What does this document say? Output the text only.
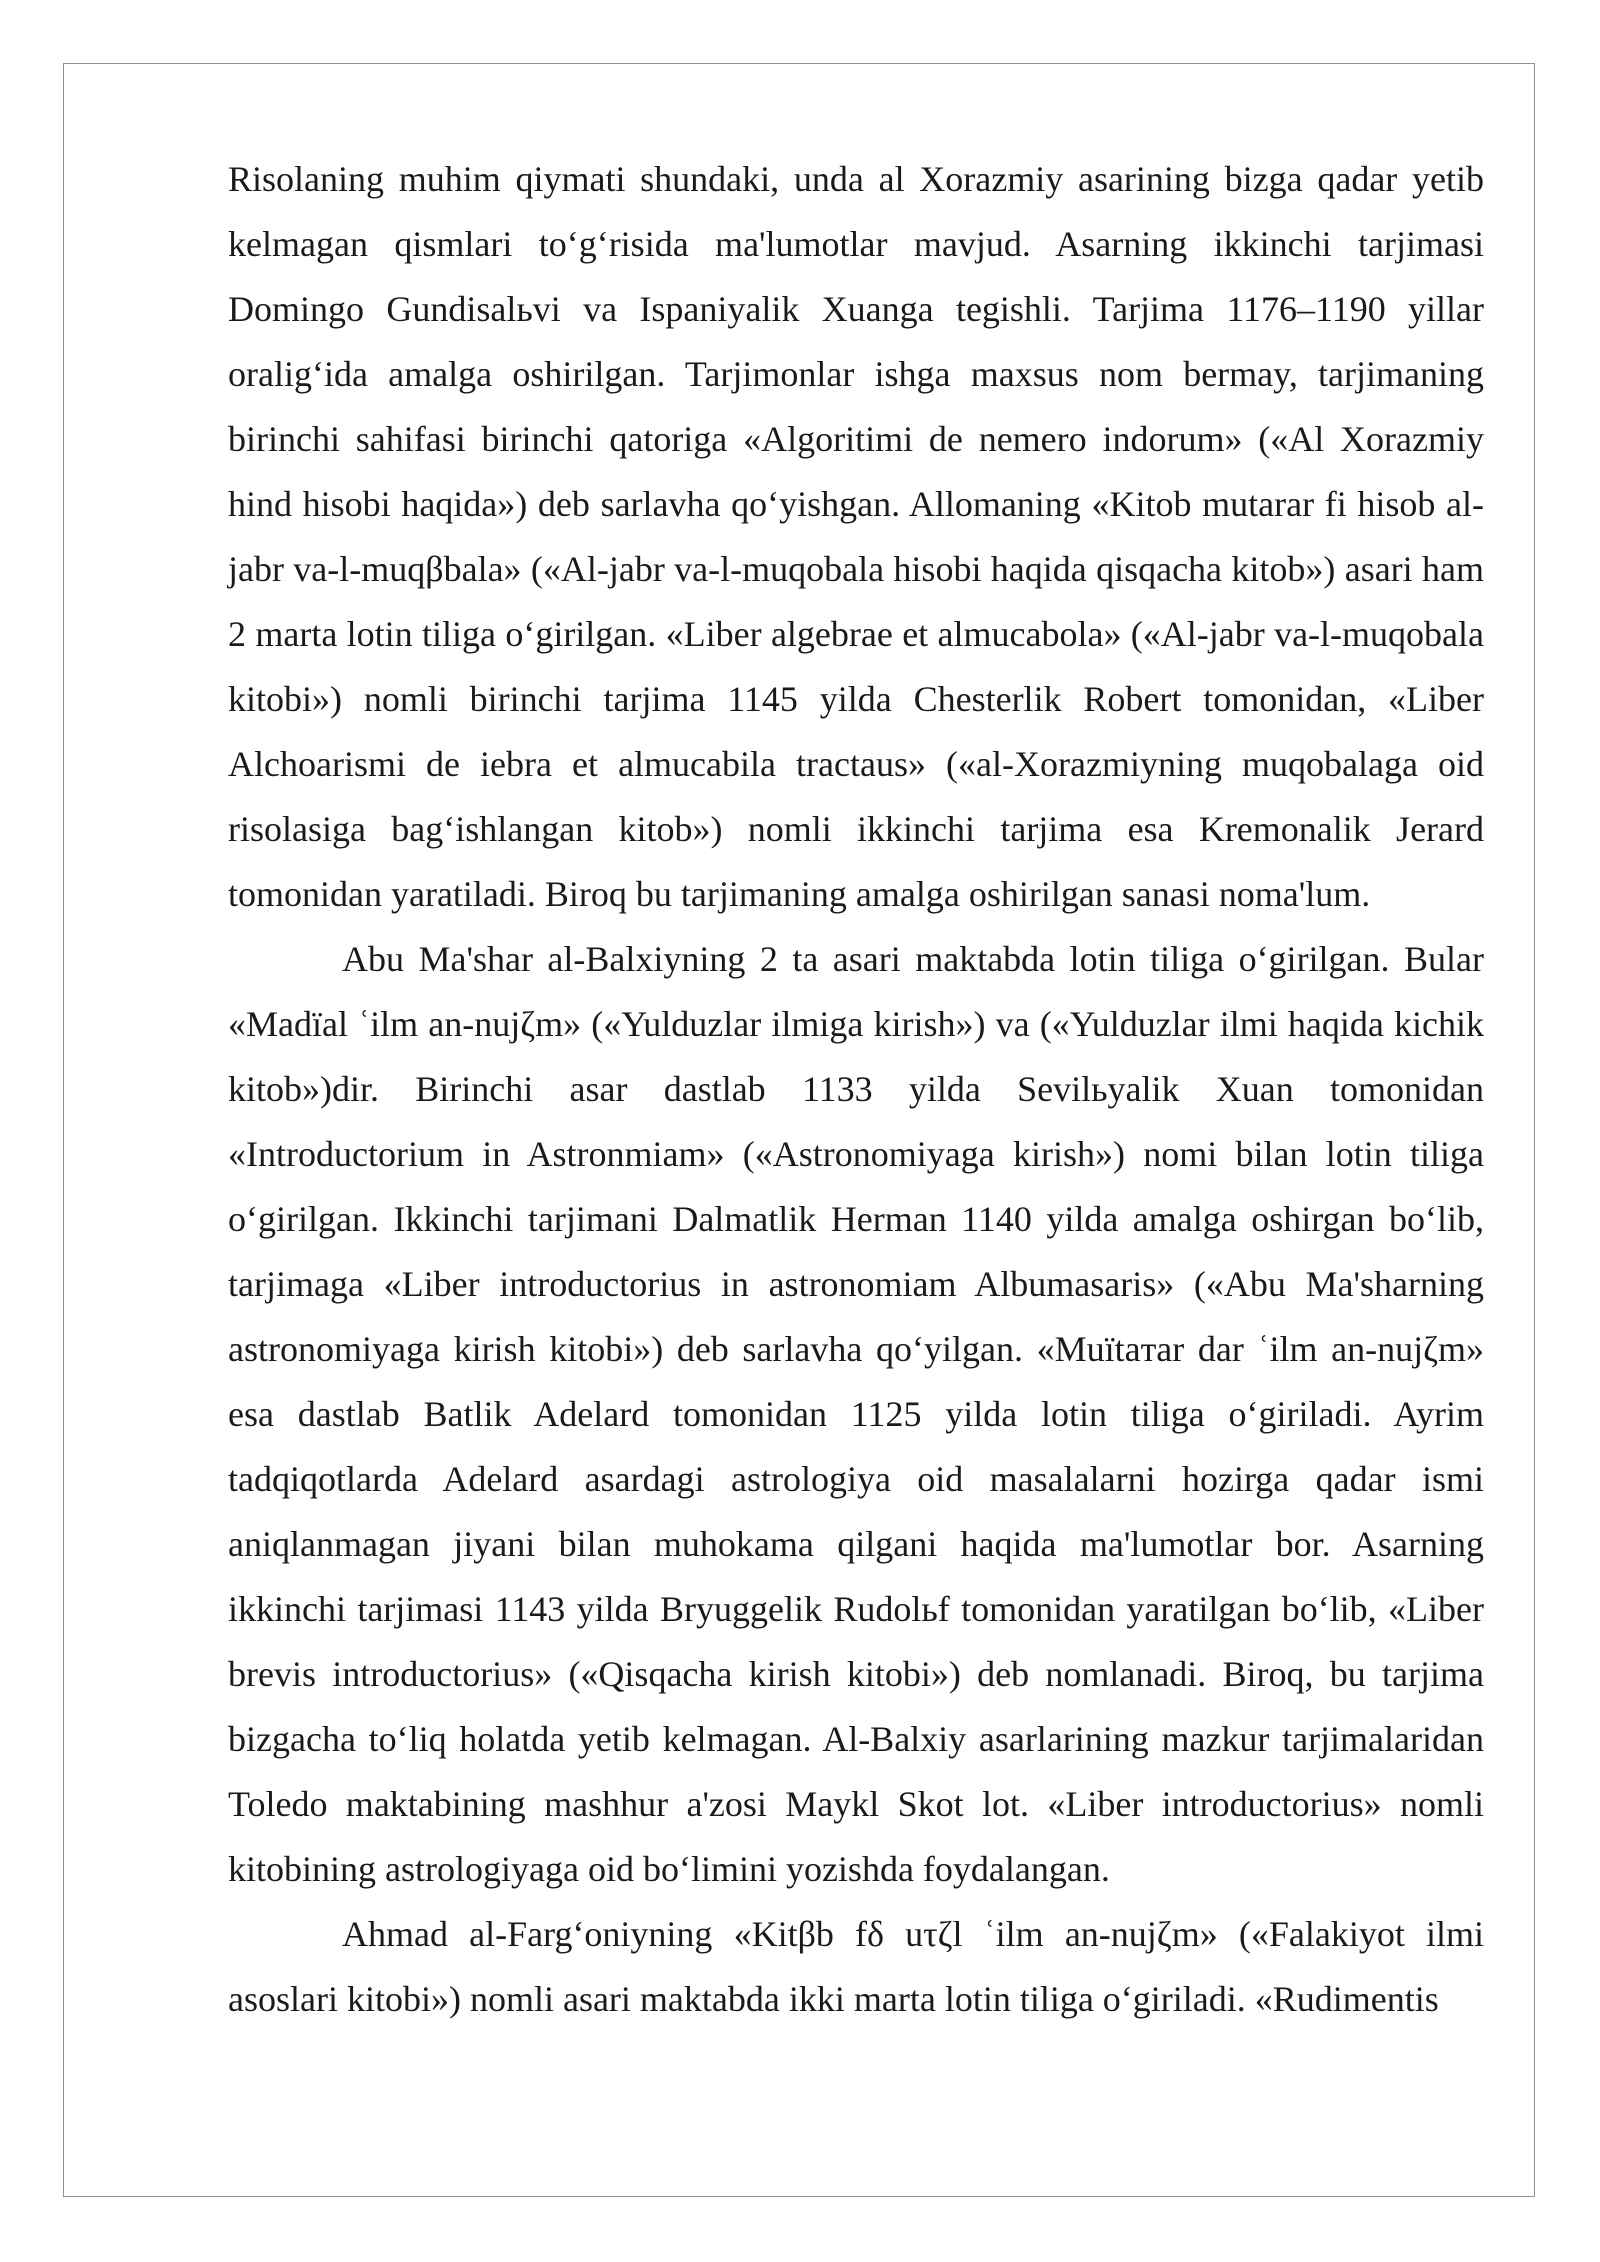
Risolaning muhim qiymati shundaki, unda al Xorazmiy asarining bizga qadar yetib kelmagan qismlari to‘g‘risida ma'lumotlar mavjud. Asarning ikkinchi tarjimasi Domingo Gundisalьvi va Ispaniyalik Xuanga tegishli. Tarjima 1176–1190 yillar oralig‘ida amalga oshirilgan. Tarjimonlar ishga maxsus nom bermay, tarjimaning birinchi sahifasi birinchi qatoriga «Algoritimi de nemero indorum» («Al Xorazmiy hind hisobi haqida») deb sarlavha qo‘yishgan. Allomaning «Kitob mutarar fi hisob al-jabr va-l-muqβbala» («Al-jabr va-l-muqobala hisobi haqida qisqacha kitob») asari ham 2 marta lotin tiliga o‘girilgan. «Liber algebrae et almucabola» («Al-jabr va-l-muqobala kitobi») nomli birinchi tarjima 1145 yilda Chesterlik Robert tomonidan, «Liber Alchoarismi de iebra et almucabila tractaus» («al-Xorazmiyning muqobalaga oid risolasiga bag‘ishlangan kitob») nomli ikkinchi tarjima esa Kremonalik Jerard tomonidan yaratiladi. Biroq bu tarjimaning amalga oshirilgan sanasi noma'lum.

Abu Ma'shar al-Balxiyning 2 ta asari maktabda lotin tiliga o‘girilgan. Bular «Madїal ʿilm an-nujζm» («Yulduzlar ilmiga kirish») va («Yulduzlar ilmi haqida kichik kitob»)dir. Birinchi asar dastlab 1133 yilda Sevilьyalik Xuan tomonidan «Introductorium in Astronmiam» («Astronomiyaga kirish») nomi bilan lotin tiliga o‘girilgan. Ikkinchi tarjimani Dalmatlik Herman 1140 yilda amalga oshirgan bo‘lib, tarjimaga «Liber introductorius in astronomiam Albumasaris» («Abu Ma'sharning astronomiyaga kirish kitobi») deb sarlavha qo‘yilgan. «Muїtaтar dar ʿilm an-nujζm» esa dastlab Batlik Adelard tomonidan 1125 yilda lotin tiliga o‘giriladi. Ayrim tadqiqotlarda Adelard asardagi astrologiya oid masalalarni hozirga qadar ismi aniqlanmagan jiyani bilan muhokama qilgani haqida ma'lumotlar bor. Asarning ikkinchi tarjimasi 1143 yilda Bryuggelik Rudolьf tomonidan yaratilgan bo‘lib, «Liber brevis introductorius» («Qisqacha kirish kitobi») deb nomlanadi. Biroq, bu tarjima bizgacha to‘liq holatda yetib kelmagan. Al-Balxiy asarlarining mazkur tarjimalaridan Toledo maktabining mashhur a'zosi Maykl Skot lot. «Liber introductorius» nomli kitobining astrologiyaga oid bo‘limini yozishda foydalangan.

Ahmad al-Farg‘oniyning «Kitβb fδ uτζl ʿilm an-nujζm» («Falakiyot ilmi asoslari kitobi») nomli asari maktabda ikki marta lotin tiliga o‘giriladi. «Rudimentis
